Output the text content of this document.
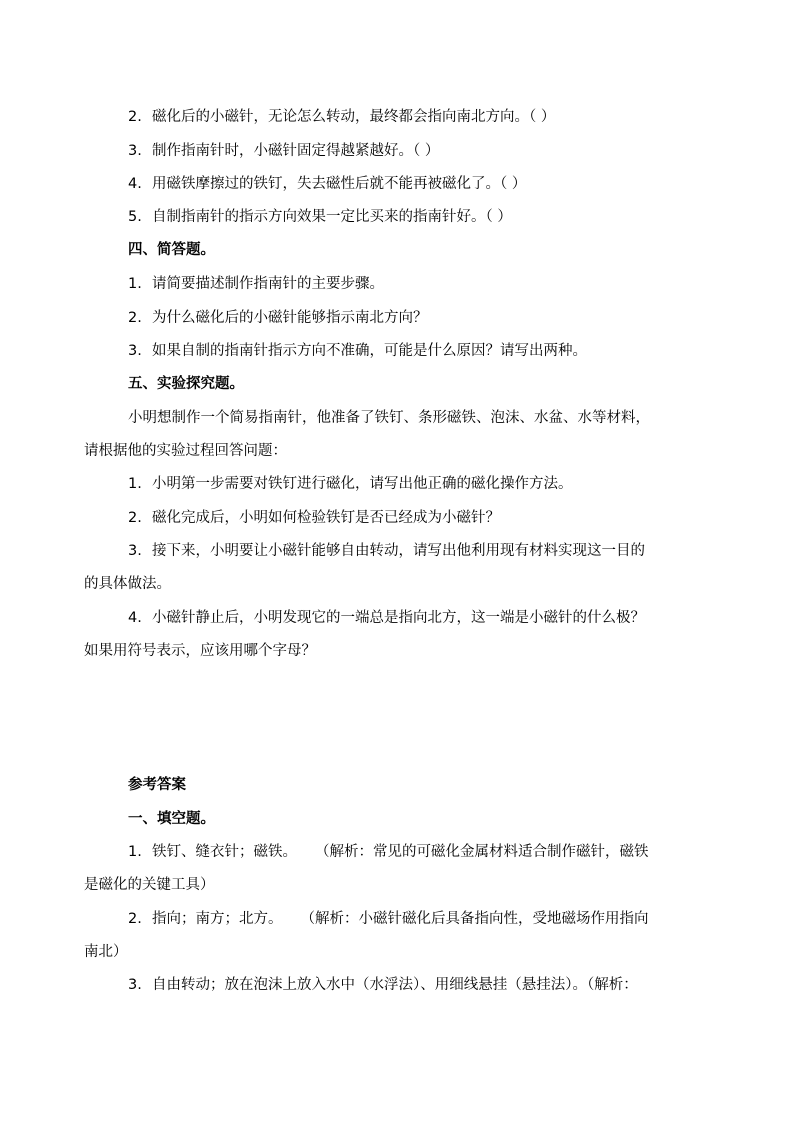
2. 磁化后的小磁针，无论怎么转动，最终都会指向南北方向。（ ）
3. 制作指南针时，小磁针固定得越紧越好。（ ）
4. 用磁铁摩擦过的铁钉，失去磁性后就不能再被磁化了。（ ）
5. 自制指南针的指示方向效果一定比买来的指南针好。（ ）
四、简答题。
1. 请简要描述制作指南针的主要步骤。
2. 为什么磁化后的小磁针能够指示南北方向？
3. 如果自制的指南针指示方向不准确，可能是什么原因？请写出两种。
五、实验探究题。
小明想制作一个简易指南针，他准备了铁钉、条形磁铁、泡沫、水盆、水等材料，
请根据他的实验过程回答问题：
1. 小明第一步需要对铁钉进行磁化，请写出他正确的磁化操作方法。
2. 磁化完成后，小明如何检验铁钉是否已经成为小磁针？
3. 接下来，小明要让小磁针能够自由转动，请写出他利用现有材料实现这一目的
的具体做法。
4. 小磁针静止后，小明发现它的一端总是指向北方，这一端是小磁针的什么极？
如果用符号表示，应该用哪个字母？
参考答案
一、填空题。
1. 铁钉、缝衣针；磁铁。 （解析：常见的可磁化金属材料适合制作磁针，磁铁
是磁化的关键工具）
2. 指向；南方；北方。 （解析：小磁针磁化后具备指向性，受地磁场作用指向
南北）
3. 自由转动；放在泡沫上放入水中（水浮法）、用细线悬挂（悬挂法）。（解析：
